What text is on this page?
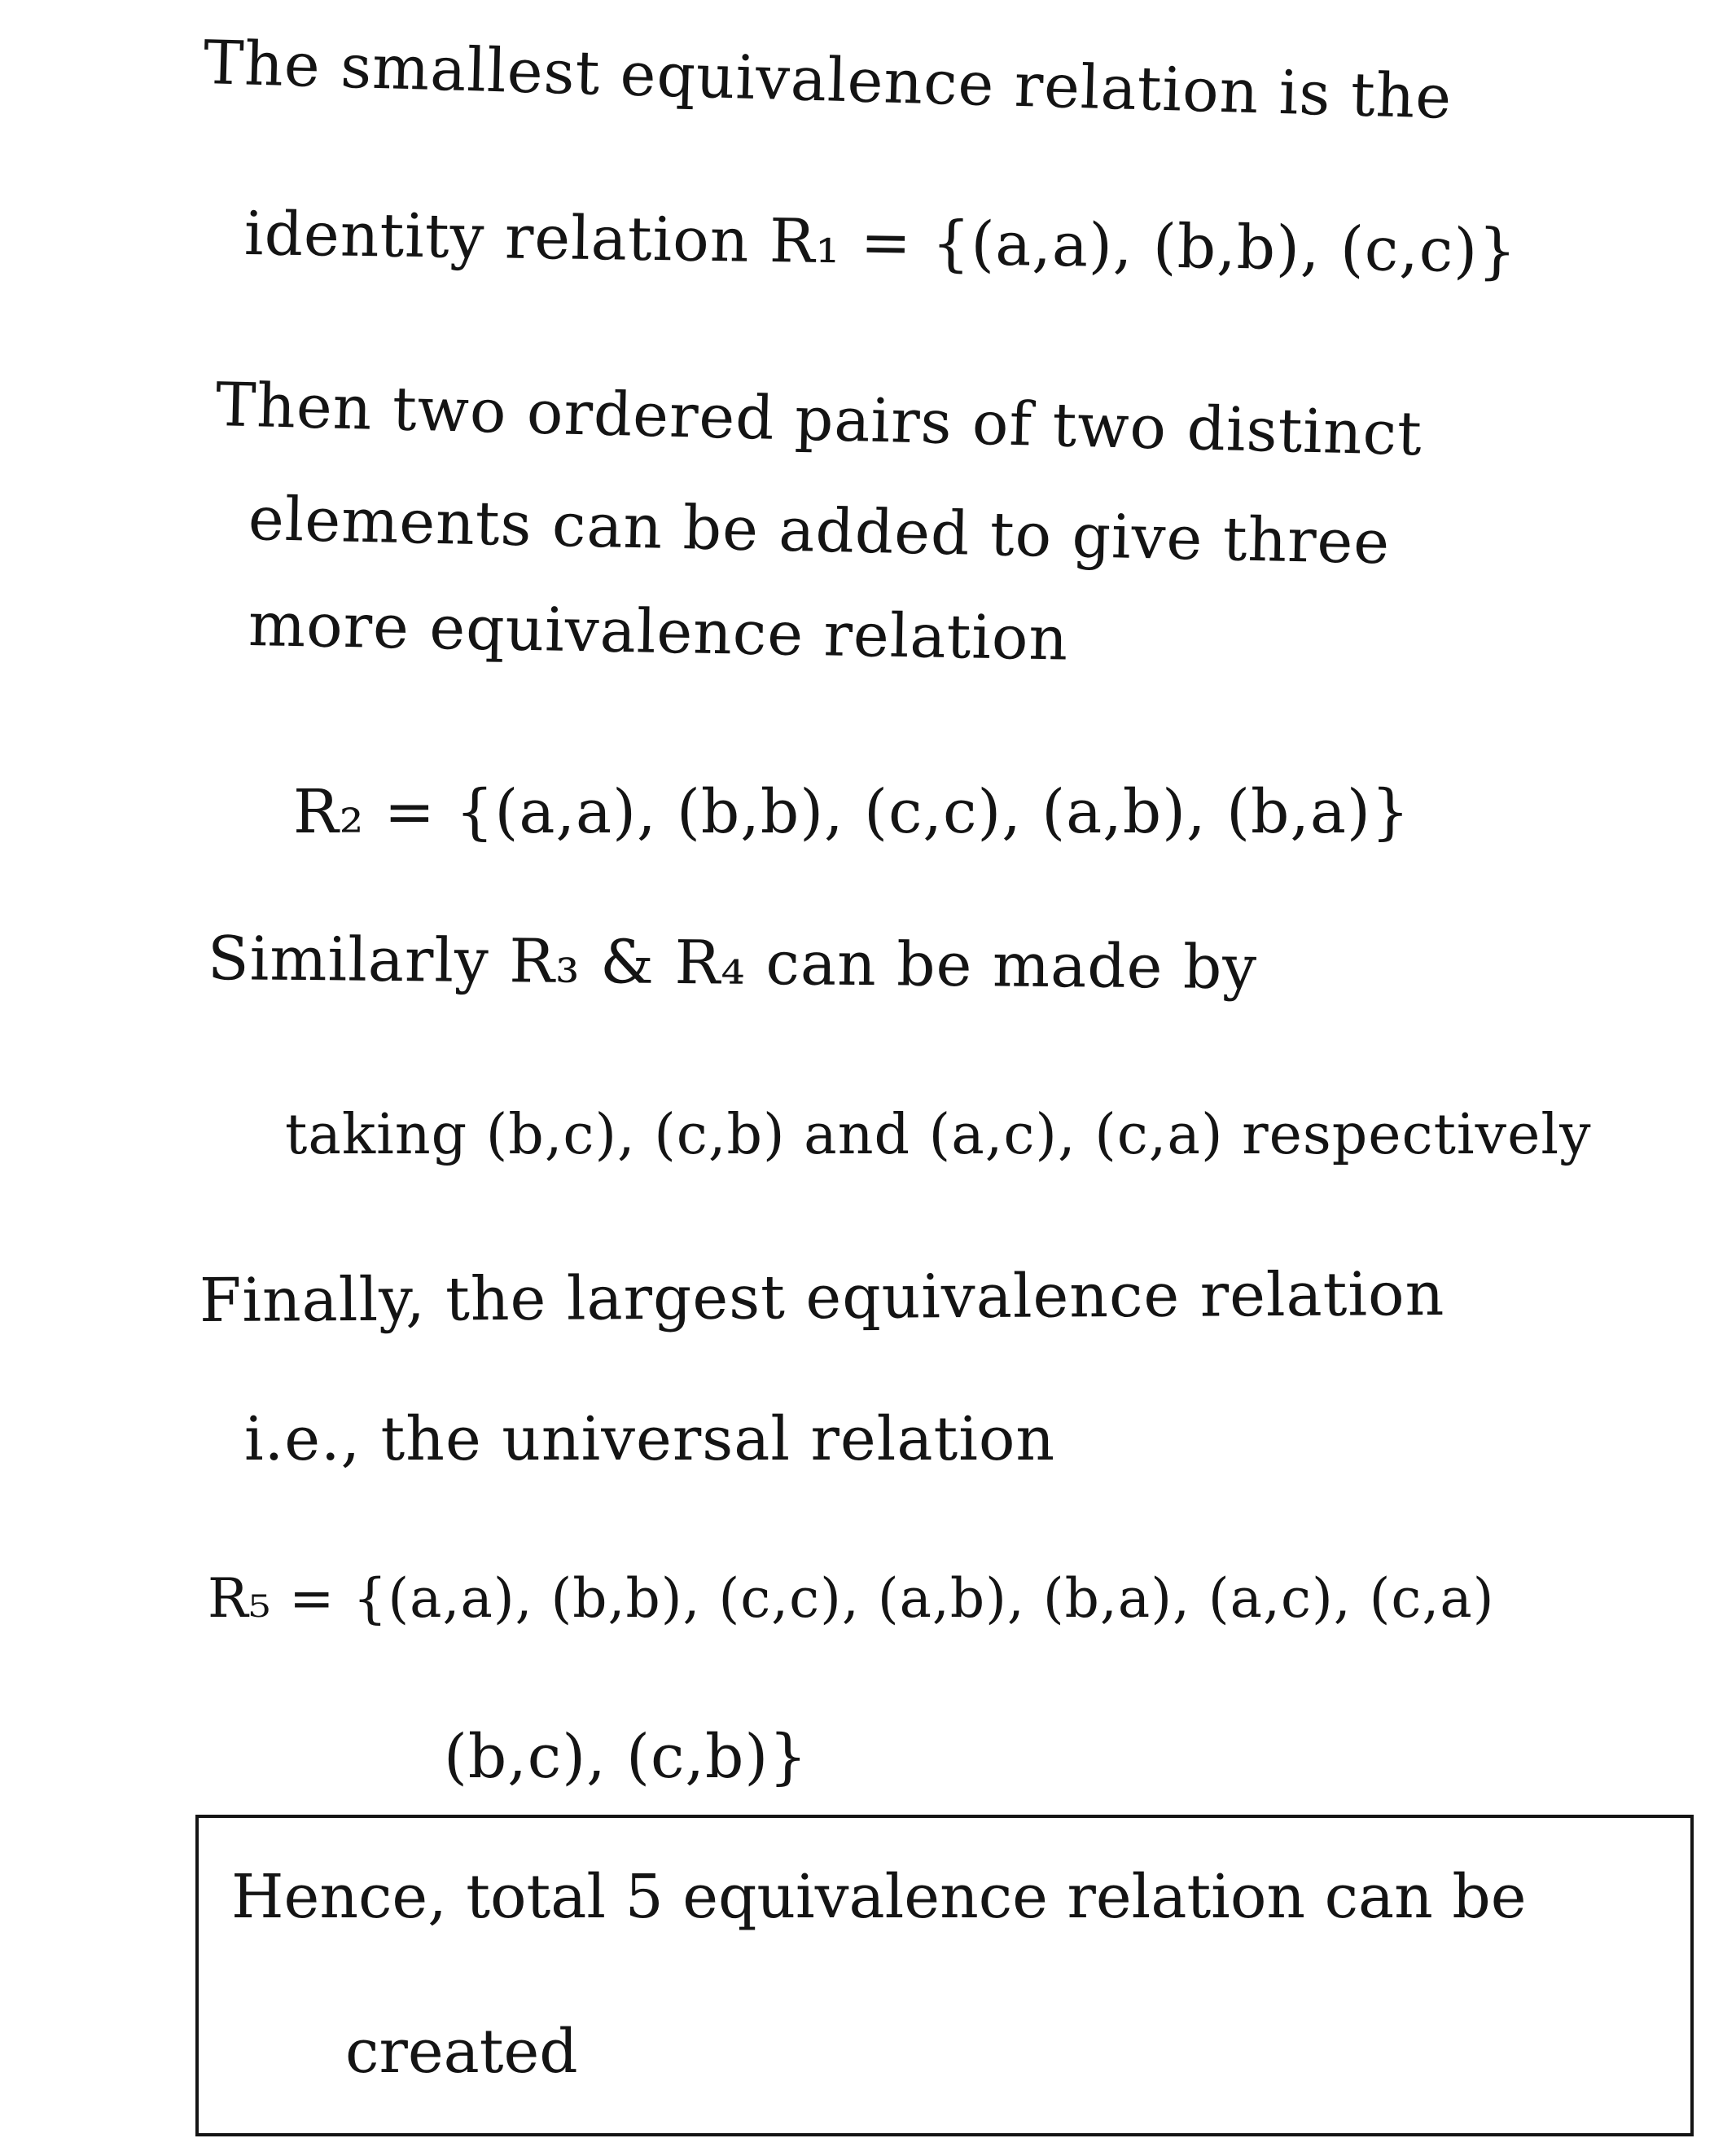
The smallest equivalence relation is the
identity relation R₁ = {(a,a), (b,b), (c,c)}
Then two ordered pairs of two distinct
elements can be added to give three
more equivalence relation
R₂ = {(a,a), (b,b), (c,c), (a,b), (b,a)}
Similarly R₃ & R₄ can be made by
taking (b,c), (c,b) and (a,c), (c,a) respectively
Finally, the largest equivalence relation
i.e., the universal relation
R₅ = {(a,a), (b,b), (c,c), (a,b), (b,a), (a,c), (c,a)
(b,c), (c,b)}
Hence, total 5 equivalence relation can be
created
